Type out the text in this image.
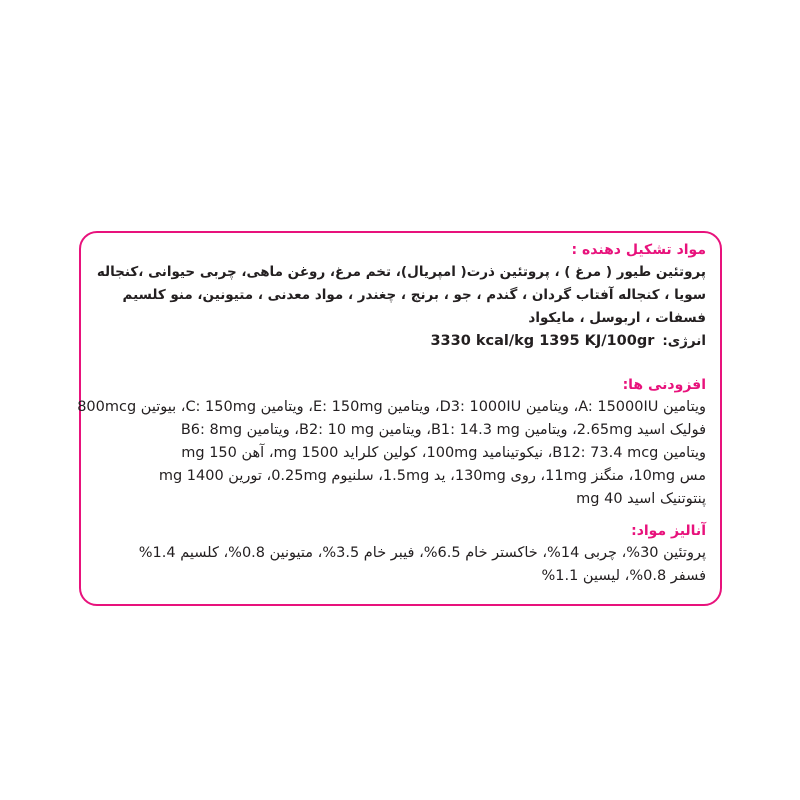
مواد تشکیل دهنده :

پروتئین طیور ( مرغ ) ، پروتئین ذرت( امپریال)، تخم مرغ، روغن ماهی، چربی حیوانی ،کنجاله

سویا ، کنجاله آفتاب گردان ، گندم ، جو ، برنج ، چغندر ، مواد معدنی ، متیونین، منو کلسیم

فسفات ، اربوسل ، مایکواد

انرژی:
3330 kcal/kg 1395 KJ/100gr

افزودنی ها:

ویتامین A: 15000IU، ویتامین D3: 1000IU، ویتامین E: 150mg، ویتامین C: 150mg، بیوتین 800mcg

فولیک اسید 2.65mg، ویتامین B1: 14.3 mg، ویتامین B2: 10 mg، ویتامین B6: 8mg

ویتامین B12: 73.4 mcg، نیکوتینامید 100mg، کولین کلراید 1500 mg، آهن 150 mg

مس 10mg، منگنز 11mg، روی 130mg، ید 1.5mg، سلنیوم 0.25mg، تورین 1400 mg

پنتوتنیک اسید 40 mg

آنالیز مواد:

پروتئین 30%، چربی 14%، خاکستر خام 6.5%، فیبر خام 3.5%، متیونین 0.8%، کلسیم 1.4%

فسفر 0.8%، لیسین 1.1%
